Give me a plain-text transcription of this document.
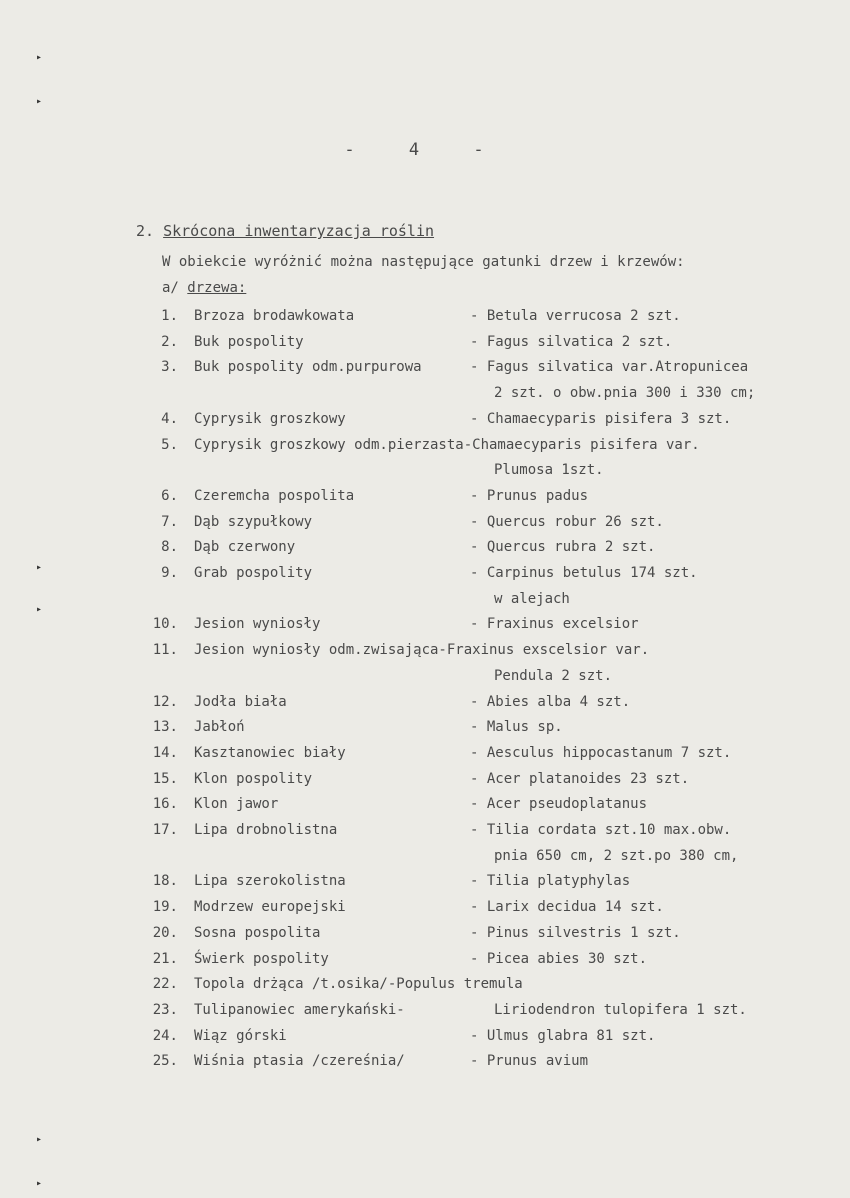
▸
▸
▸
▸
▸
▸
- 4 -
2. Skrócona inwentaryzacja roślin
W obiekcie wyróżnić można następujące gatunki drzew i krzewów:
a/ drzewa:
1. Brzoza brodawkowata	- Betula verrucosa 2 szt.
2. Buk pospolity	- Fagus silvatica 2 szt.
3. Buk pospolity odm.purpurowa	- Fagus silvatica var.Atropunicea
2 szt. o obw.pnia 300 i 330 cm;
4. Cyprysik groszkowy	- Chamaecyparis pisifera 3 szt.
5. Cyprysik groszkowy odm.pierzasta-Chamaecyparis pisifera var.
Plumosa 1szt.
6. Czeremcha pospolita	- Prunus padus
7. Dąb szypułkowy	- Quercus robur 26 szt.
8. Dąb czerwony	- Quercus rubra 2 szt.
9. Grab pospolity	- Carpinus betulus 174 szt.
w alejach
10. Jesion wyniosły	- Fraxinus excelsior
11. Jesion wyniosły odm.zwisająca-Fraxinus exscelsior var.
Pendula 2 szt.
12. Jodła biała	- Abies alba 4 szt.
13. Jabłoń	- Malus sp.
14. Kasztanowiec biały	- Aesculus hippocastanum 7 szt.
15. Klon pospolity	- Acer platanoides 23 szt.
16. Klon jawor	- Acer pseudoplatanus
17. Lipa drobnolistna	- Tilia cordata szt.10 max.obw.
pnia 650 cm, 2 szt.po 380 cm,
18. Lipa szerokolistna	- Tilia platyphylas
19. Modrzew europejski	- Larix decidua 14 szt.
20. Sosna pospolita	- Pinus silvestris 1 szt.
21. Świerk pospolity	- Picea abies 30 szt.
22. Topola drżąca /t.osika/-Populus tremula
23. Tulipanowiec amerykański-	Liriodendron tulopifera 1 szt.
24. Wiąz górski	- Ulmus glabra 81 szt.
25. Wiśnia ptasia /czereśnia/	- Prunus avium
